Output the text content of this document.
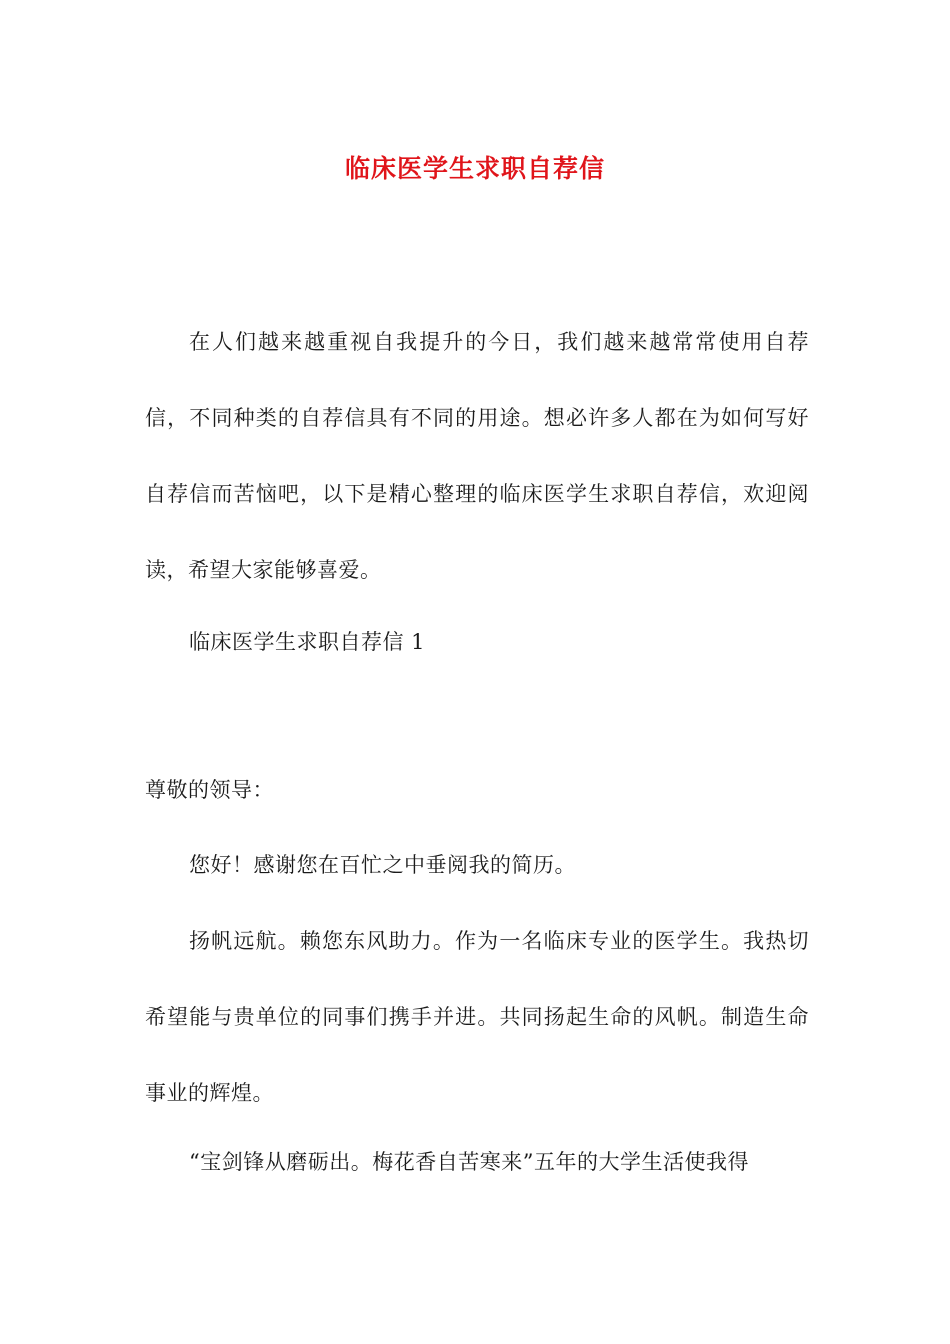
临床医学生求职自荐信

在人们越来越重视自我提升的今日，我们越来越常常使用自荐信，不同种类的自荐信具有不同的用途。想必许多人都在为如何写好自荐信而苦恼吧，以下是精心整理的临床医学生求职自荐信，欢迎阅读，希望大家能够喜爱。

临床医学生求职自荐信 1

尊敬的领导：

您好！感谢您在百忙之中垂阅我的简历。

扬帆远航。赖您东风助力。作为一名临床专业的医学生。我热切希望能与贵单位的同事们携手并进。共同扬起生命的风帆。制造生命事业的辉煌。

“宝剑锋从磨砺出。梅花香自苦寒来”五年的大学生活使我得
